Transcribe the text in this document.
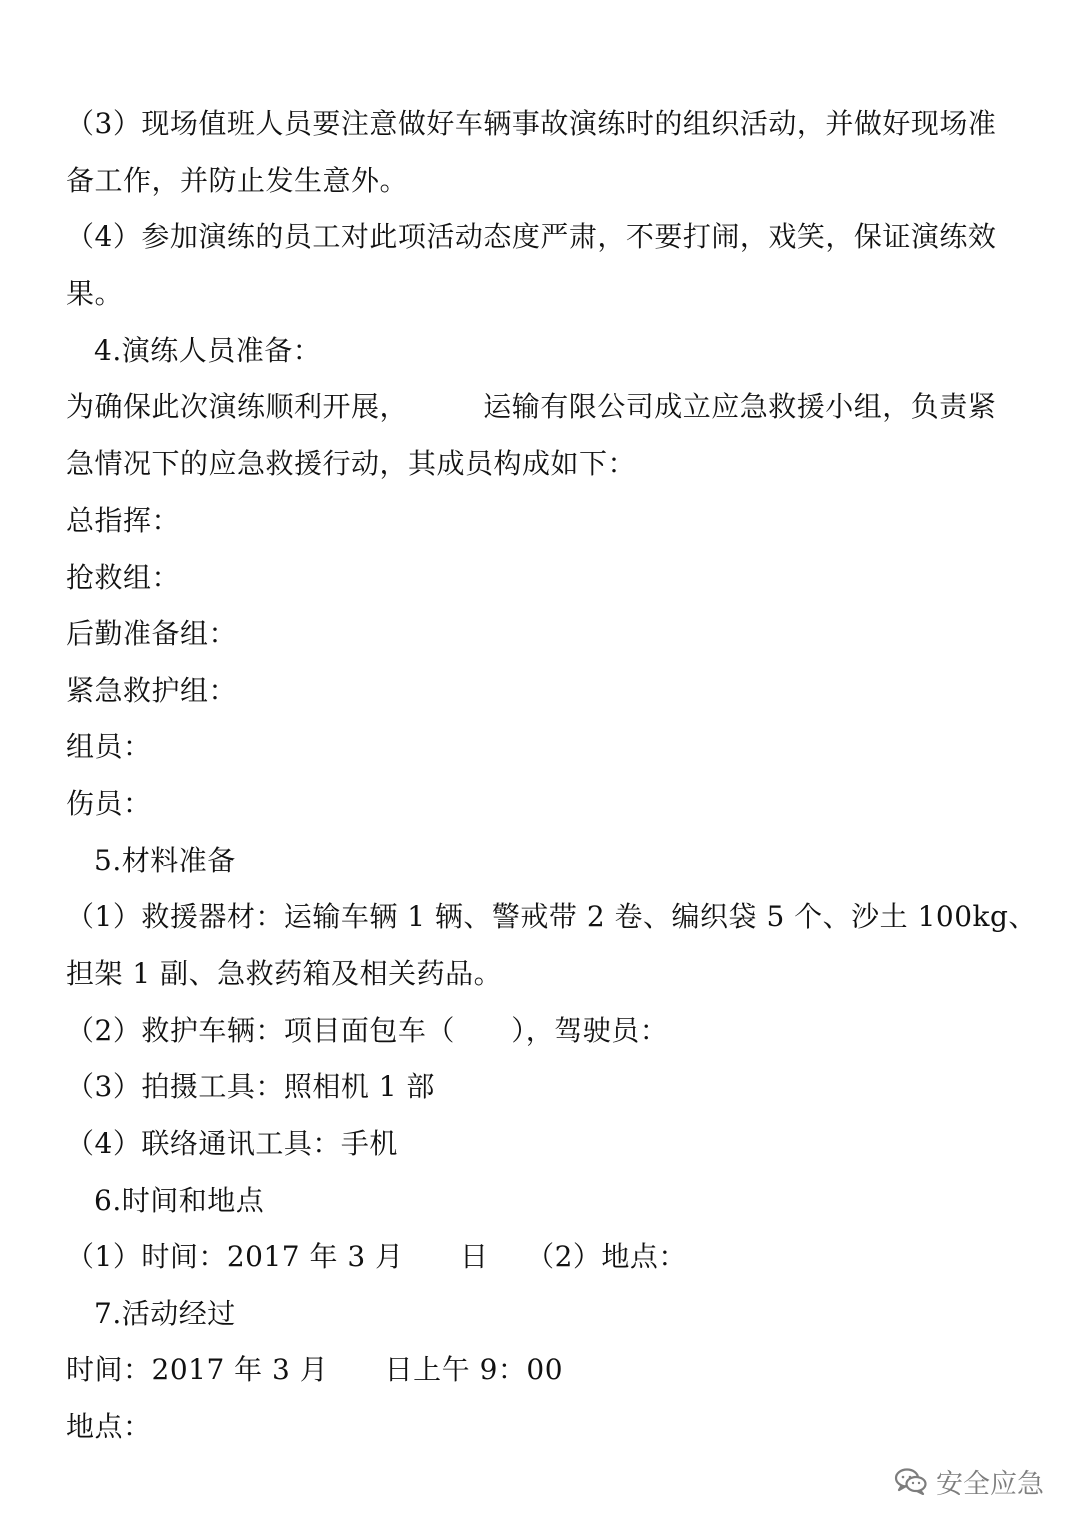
（3）现场值班人员要注意做好车辆事故演练时的组织活动，并做好现场准
备工作，并防止发生意外。
（4）参加演练的员工对此项活动态度严肃，不要打闹，戏笑，保证演练效
果。
4.演练人员准备：
为确保此次演练顺利开展，        运输有限公司成立应急救援小组，负责紧
急情况下的应急救援行动，其成员构成如下：
总指挥：
抢救组：
后勤准备组：
紧急救护组：
组员：
伤员：
5.材料准备
（1）救援器材：运输车辆 1 辆、警戒带 2 卷、编织袋 5 个、沙土 100kg、
担架 1 副、急救药箱及相关药品。
（2）救护车辆：项目面包车（      ），驾驶员：
（3）拍摄工具：照相机 1 部
（4）联络通讯工具：手机
6.时间和地点
（1）时间：2017 年 3 月      日    （2）地点：
7.活动经过
时间：2017 年 3 月      日上午 9：00
地点：
安全应急
